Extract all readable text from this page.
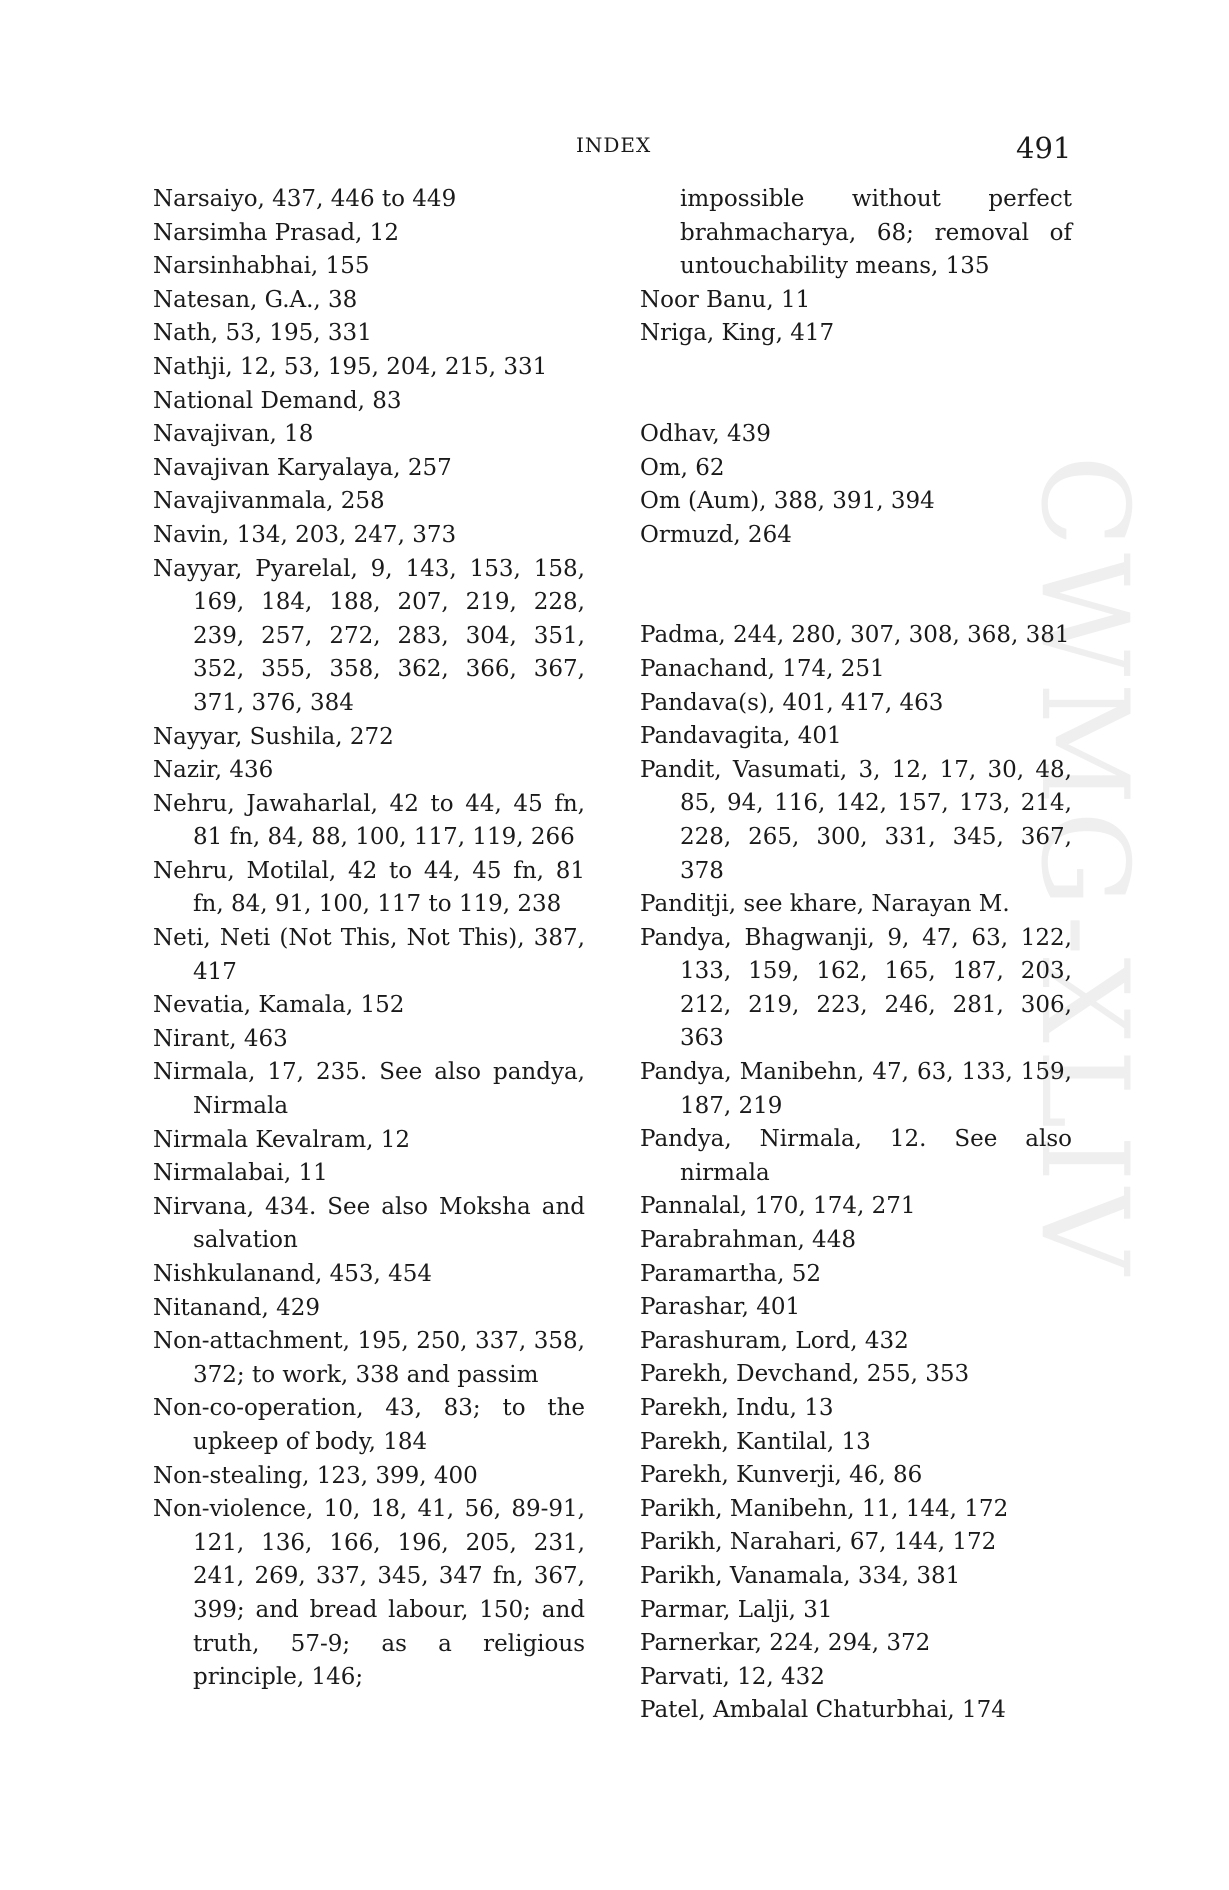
CWMG-XLIV
INDEX	491
Narsaiyo, 437, 446 to 449
Narsimha Prasad, 12
Narsinhabhai, 155
Natesan, G.A., 38
Nath, 53, 195, 331
Nathji, 12, 53, 195, 204, 215, 331
National Demand, 83
Navajivan, 18
Navajivan Karyalaya, 257
Navajivanmala, 258
Navin, 134, 203, 247, 373
Nayyar, Pyarelal, 9, 143, 153, 158, 169, 184, 188, 207, 219, 228, 239, 257, 272, 283, 304, 351, 352, 355, 358, 362, 366, 367, 371, 376, 384
Nayyar, Sushila, 272
Nazir, 436
Nehru, Jawaharlal, 42 to 44, 45 fn, 81 fn, 84, 88, 100, 117, 119, 266
Nehru, Motilal, 42 to 44, 45 fn, 81 fn, 84, 91, 100, 117 to 119, 238
Neti, Neti (Not This, Not This), 387, 417
Nevatia, Kamala, 152
Nirant, 463
Nirmala, 17, 235. See also pandya, Nirmala
Nirmala Kevalram, 12
Nirmalabai, 11
Nirvana, 434. See also Moksha and salvation
Nishkulanand, 453, 454
Nitanand, 429
Non-attachment, 195, 250, 337, 358, 372; to work, 338 and passim
Non-co-operation, 43, 83; to the upkeep of body, 184
Non-stealing, 123, 399, 400
Non-violence, 10, 18, 41, 56, 89-91, 121, 136, 166, 196, 205, 231, 241, 269, 337, 345, 347 fn, 367, 399; and bread labour, 150; and truth, 57-9; as a religious principle, 146;
impossible without perfect brahmacharya, 68; removal of untouchability means, 135
Noor Banu, 11
Nriga, King, 417
Odhav, 439
Om, 62
Om (Aum), 388, 391, 394
Ormuzd, 264
Padma, 244, 280, 307, 308, 368, 381
Panachand, 174, 251
Pandava(s), 401, 417, 463
Pandavagita, 401
Pandit, Vasumati, 3, 12, 17, 30, 48, 85, 94, 116, 142, 157, 173, 214, 228, 265, 300, 331, 345, 367, 378
Panditji, see khare, Narayan M.
Pandya, Bhagwanji, 9, 47, 63, 122, 133, 159, 162, 165, 187, 203, 212, 219, 223, 246, 281, 306, 363
Pandya, Manibehn, 47, 63, 133, 159, 187, 219
Pandya, Nirmala, 12. See also nirmala
Pannalal, 170, 174, 271
Parabrahman, 448
Paramartha, 52
Parashar, 401
Parashuram, Lord, 432
Parekh, Devchand, 255, 353
Parekh, Indu, 13
Parekh, Kantilal, 13
Parekh, Kunverji, 46, 86
Parikh, Manibehn, 11, 144, 172
Parikh, Narahari, 67, 144, 172
Parikh, Vanamala, 334, 381
Parmar, Lalji, 31
Parnerkar, 224, 294, 372
Parvati, 12, 432
Patel, Ambalal Chaturbhai, 174
